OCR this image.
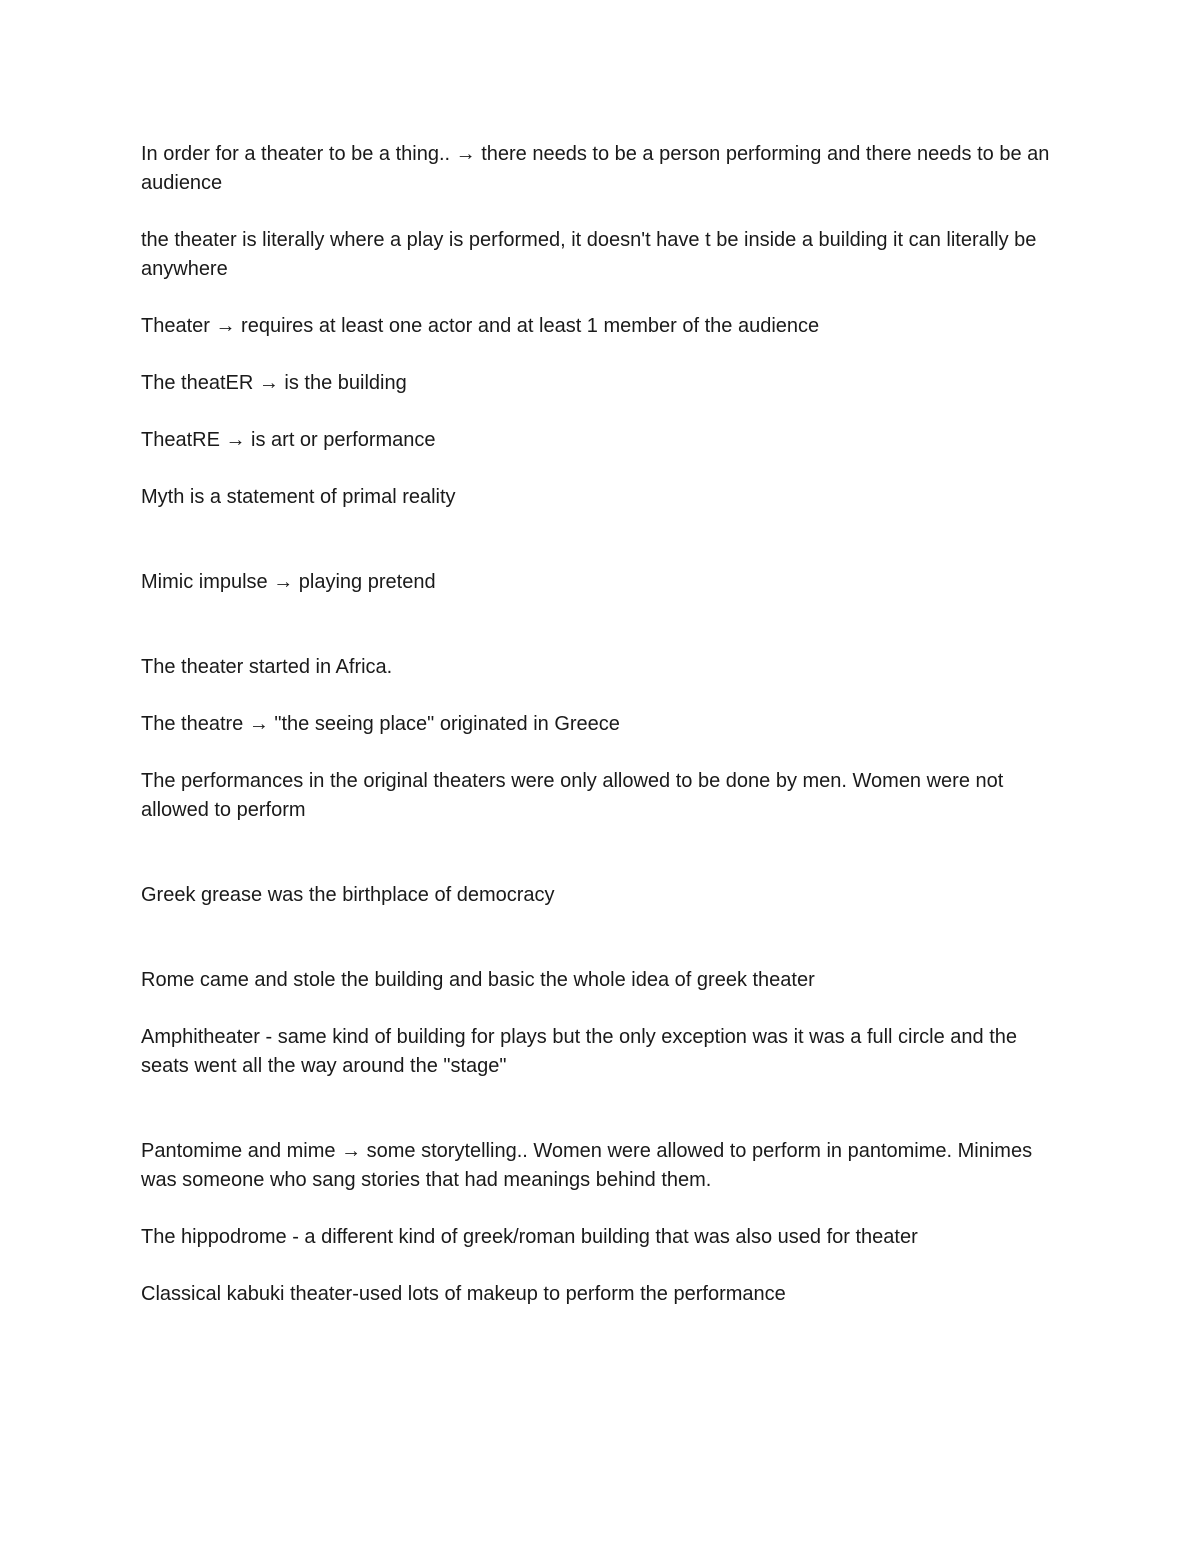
In order for a theater to be a thing.. → there needs to be a person performing and there needs to be an audience

the theater is literally where a play is performed, it doesn't have t be inside a building it can literally be anywhere

Theater → requires at least one actor and at least 1 member of the audience

The theatER → is the building

TheatRE → is art or performance

Myth is a statement of primal reality

Mimic impulse → playing pretend

The theater started in Africa.

The theatre → "the seeing place" originated in Greece

The performances in the original theaters were only allowed to be done by men. Women were not allowed to perform

Greek grease was the birthplace of democracy

Rome came and stole the building and basic the whole idea of greek theater

Amphitheater - same kind of building for plays but the only exception was it was a full circle and the seats went all the way around the "stage"

Pantomime and mime → some storytelling.. Women were allowed to perform in pantomime. Minimes was someone who sang stories that had meanings behind them.

The hippodrome - a different kind of greek/roman building that was also used for theater

Classical kabuki theater-used lots of makeup to perform the performance
